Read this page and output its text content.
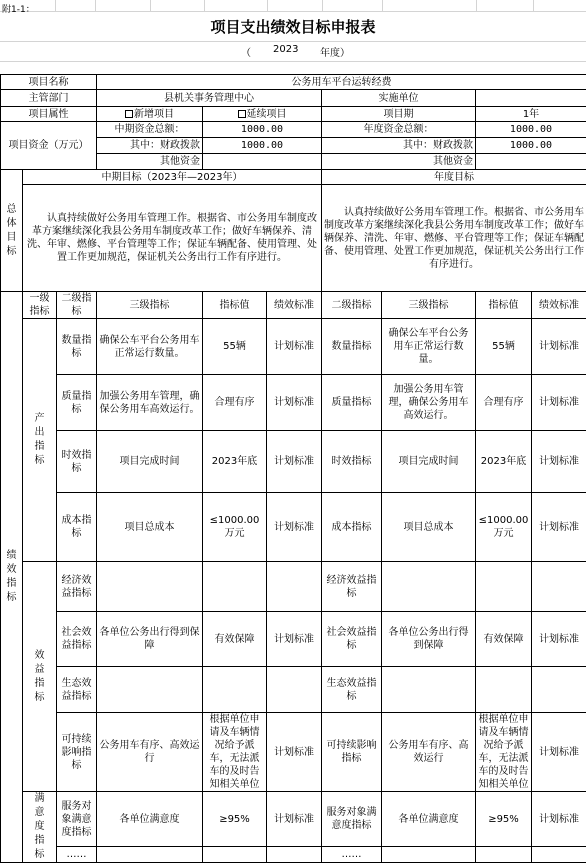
附1-1：
项目支出绩效目标申报表
（ 2023 年度）
项目名称			公务用车平台运转经费						
主管部门			县机关事务管理中心			实施单位			
项目属性			新增项目	延续项目		项目期		1年	
项目资金（万元）			中期资金总额：	1000.00		年度资金总额：		1000.00	
			其中：财政拨款	1000.00		其中：财政拨款		1000.00	
			其他资金			其他资金			
总体目标	中期目标（2023年—2023年）					年度目标			
	认真持续做好公务用车管理工作。根据省、市公务用车制度改革方案继续深化我县公务用车制度改革工作；做好车辆保养、清洗、年审、燃修、平台管理等工作；保证车辆配备、使用管理、处置工作更加规范，保证机关公务出行工作有序进行。					认真持续做好公务用车管理工作。根据省、市公务用车制度改革方案继续深化我县公务用车制度改革工作；做好车辆保养、清洗、年审、燃修、平台管理等工作；保证车辆配备、使用管理、处置工作更加规范，保证机关公务出行工作有序进行。			
绩效指标	一级指标	二级指标	三级指标	指标值	绩效标准	二级指标	三级指标	指标值	绩效标准
	产出指标	数量指标	确保公车平台公务用车正常运行数量。	55辆	计划标准	数量指标	确保公车平台公务用车正常运行数量。	55辆	计划标准
		质量指标	加强公务用车管理，确保公务用车高效运行。	合理有序	计划标准	质量指标	加强公务用车管理，确保公务用车高效运行。	合理有序	计划标准
		时效指标	项目完成时间	2023年底	计划标准	时效指标	项目完成时间	2023年底	计划标准
		成本指标	项目总成本	≤1000.00万元	计划标准	成本指标	项目总成本	≤1000.00万元	计划标准
	效益指标	经济效益指标				经济效益指标			
		社会效益指标	各单位公务出行得到保障	有效保障	计划标准	社会效益指标	各单位公务出行得到保障	有效保障	计划标准
		生态效益指标				生态效益指标			
		可持续影响指标	公务用车有序、高效运行	根据单位申请及车辆情况给予派车，无法派车的及时告知相关单位	计划标准	可持续影响指标	公务用车有序、高效运行	根据单位申请及车辆情况给予派车，无法派车的及时告知相关单位	计划标准
	满意度指标	服务对象满意度指标	各单位满意度	≥95%	计划标准	服务对象满意度指标	各单位满意度	≥95%	计划标准
		……				……			
